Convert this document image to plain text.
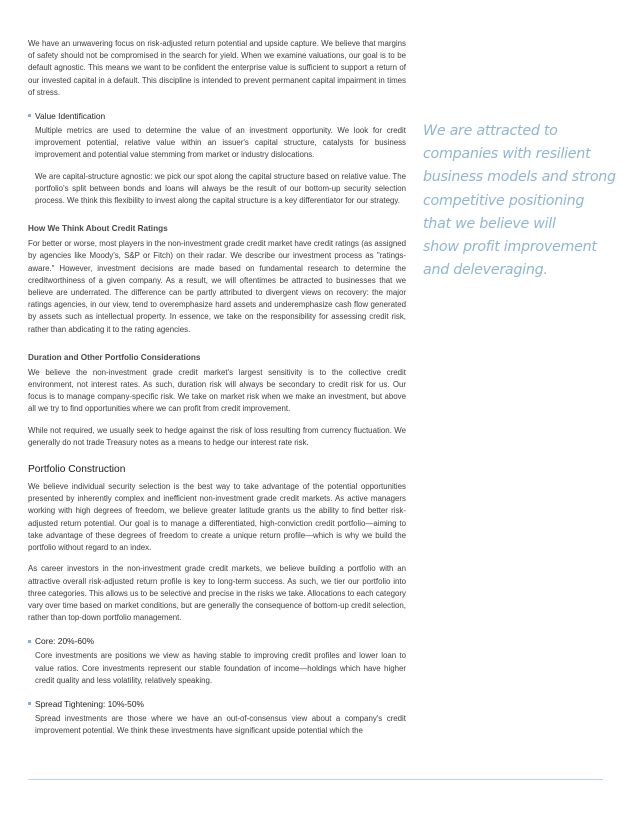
We have an unwavering focus on risk-adjusted return potential and upside capture. We believe that margins of safety should not be compromised in the search for yield. When we examine valuations, our goal is to be default agnostic. This means we want to be confident the enterprise value is sufficient to support a return of our invested capital in a default. This discipline is intended to prevent permanent capital impairment in times of stress.

Value Identification

Multiple metrics are used to determine the value of an investment opportunity. We look for credit improvement potential, relative value within an issuer's capital structure, catalysts for business improvement and potential value stemming from market or industry dislocations.

We are capital-structure agnostic: we pick our spot along the capital structure based on relative value. The portfolio's split between bonds and loans will always be the result of our bottom-up security selection process. We think this flexibility to invest along the capital structure is a key differentiator for our strategy.

How We Think About Credit Ratings

For better or worse, most players in the non-investment grade credit market have credit ratings (as assigned by agencies like Moody's, S&P or Fitch) on their radar. We describe our investment process as "ratings-aware." However, investment decisions are made based on fundamental research to determine the creditworthiness of a given company. As a result, we will oftentimes be attracted to businesses that we believe are underrated. The difference can be partly attributed to divergent views on recovery: the major ratings agencies, in our view, tend to overemphasize hard assets and underemphasize cash flow generated by assets such as intellectual property. In essence, we take on the responsibility for assessing credit risk, rather than abdicating it to the rating agencies.

Duration and Other Portfolio Considerations

We believe the non-investment grade credit market's largest sensitivity is to the collective credit environment, not interest rates. As such, duration risk will always be secondary to credit risk for us. Our focus is to manage company-specific risk. We take on market risk when we make an investment, but above all we try to find opportunities where we can profit from credit improvement.

While not required, we usually seek to hedge against the risk of loss resulting from currency fluctuation. We generally do not trade Treasury notes as a means to hedge our interest rate risk.

Portfolio Construction

We believe individual security selection is the best way to take advantage of the potential opportunities presented by inherently complex and inefficient non-investment grade credit markets. As active managers working with high degrees of freedom, we believe greater latitude grants us the ability to find better risk-adjusted return potential. Our goal is to manage a differentiated, high-conviction credit portfolio—aiming to take advantage of these degrees of freedom to create a unique return profile—which is why we build the portfolio without regard to an index.

As career investors in the non-investment grade credit markets, we believe building a portfolio with an attractive overall risk-adjusted return profile is key to long-term success. As such, we tier our portfolio into three categories. This allows us to be selective and precise in the risks we take. Allocations to each category vary over time based on market conditions, but are generally the consequence of bottom-up credit selection, rather than top-down portfolio management.

Core: 20%-60%

Core investments are positions we view as having stable to improving credit profiles and lower loan to value ratios. Core investments represent our stable foundation of income—holdings which have higher credit quality and less volatility, relatively speaking.

Spread Tightening: 10%-50%

Spread investments are those where we have an out-of-consensus view about a company's credit improvement potential. We think these investments have significant upside potential which the

We are attracted to
companies with resilient
business models and strong
competitive positioning
that we believe will
show profit improvement
and deleveraging.
